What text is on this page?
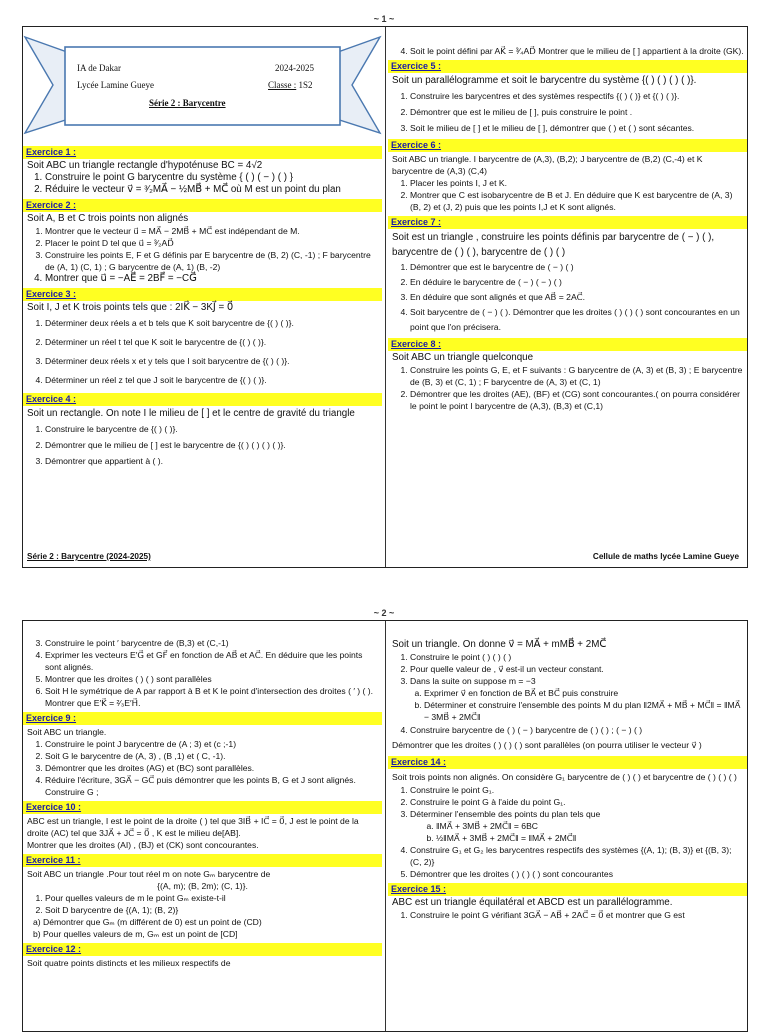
~ 1 ~
IA de Dakar
Lycée Lamine Gueye
2024-2025
Classe : 1S2
Série 2 : Barycentre
Exercice 1 :
Soit ABC un triangle rectangle d'hypoténuse BC = 4√2
1. Construire le point G barycentre du système { ( ) ( − ) ( ) }
2. Réduire le vecteur v⃗ = ³⁄₂MA⃗ − ½MB⃗ + MC⃗ où M est un point du plan
Exercice 2 :
Soit A, B et C trois points non alignés
1. Montrer que le vecteur u⃗ = MA⃗ − 2MB⃗ + MC⃗ est indépendant de M.
2. Placer le point D tel que u⃗ = ³⁄₂AD⃗
3. Construire les points E, F et G définis par E barycentre de (B, 2) (C, -1) ; F barycentre de (A, 1) (C, 1) ; G barycentre de (A, 1) (B, -2)
4. Montrer que u⃗ = −AE⃗ = 2BF⃗ = −CG⃗
Exercice 3 :
Soit I, J et K trois points tels que : 2IK⃗ − 3KJ⃗ = 0⃗
1. Déterminer deux réels a et b tels que K soit barycentre de {( ) ( )}.
2. Déterminer un réel t tel que K soit le barycentre de {( ) ( )}.
3. Déterminer deux réels x et y tels que I soit barycentre de {( ) ( )}.
4. Déterminer un réel z tel que J soit le barycentre de {( ) ( )}.
Exercice 4 :
Soit un rectangle. On note I le milieu de [ ] et le centre de gravité du triangle
1. Construire le barycentre de {( ) ( )}.
2. Démontrer que le milieu de [ ] est le barycentre de {( ) ( ) ( ) ( )}.
3. Démontrer que appartient à ( ).
Série 2 : Barycentre (2024-2025)
4. Soit le point défini par AK⃗ = ³⁄₄AD⃗ Montrer que le milieu de [ ] appartient à la droite (GK).
Exercice 5 :
Soit un parallélogramme et soit le barycentre du système {( ) ( ) ( ) ( )}.
1. Construire les barycentres et des systèmes respectifs {( ) ( )} et {( ) ( )}.
2. Démontrer que est le milieu de [ ], puis construire le point .
3. Soit le milieu de [ ] et le milieu de [ ], démontrer que ( ) et ( ) sont sécantes.
Exercice 6 :
Soit ABC un triangle. I barycentre de (A,3), (B,2); J barycentre de (B,2) (C,-4) et K barycentre de (A,3) (C,4)
1. Placer les points I, J et K.
2. Montrer que C est isobarycentre de B et J. En déduire que K est barycentre de (A, 3) (B, 2) et (J, 2) puis que les points I,J et K sont alignés.
Exercice 7 :
Soit est un triangle , construire les points définis par barycentre de ( − ) ( ), barycentre de ( ) ( ), barycentre de ( ) ( )
1. Démontrer que est le barycentre de ( − ) ( )
2. En déduire le barycentre de ( − ) ( − ) ( )
3. En déduire que sont alignés et que AB⃗ = 2AC⃗.
4. Soit barycentre de ( − ) ( ). Démontrer que les droites ( ) ( ) ( ) sont concourantes en un point que l'on précisera.
Exercice 8 :
Soit ABC un triangle quelconque
1. Construire les points G, E, et F suivants : G barycentre de (A, 3) et (B, 3) ; E barycentre de (B, 3) et (C, 1) ; F barycentre de (A, 3) et (C, 1)
2. Démontrer que les droites (AE), (BF) et (CG) sont concourantes.( on pourra considérer le point le point I barycentre de (A,3), (B,3) et (C,1)
Cellule de maths lycée Lamine Gueye
~ 2 ~
3. Construire le point ′ barycentre de (B,3) et (C,-1)
4. Exprimer les vecteurs E′G⃗ et GF⃗ en fonction de AB⃗ et AC⃗. En déduire que les points sont alignés.
5. Montrer que les droites ( ) ( ) sont parallèles
6. Soit H le symétrique de A par rapport à B et K le point d'intersection des droites ( ′ ) ( ). Montrer que E′K⃗ = ²⁄₃E′H⃗.
Exercice 9 :
Soit ABC un triangle.
1. Construire le point J barycentre de (A ; 3) et (c ;-1)
2. Soit G le barycentre de (A, 3) , (B ,1) et ( C, -1).
3. Démontrer que les droites (AG) et (BC) sont parallèles.
4. Réduire l'écriture, 3GA⃗ − GC⃗ puis démontrer que les points B, G et J sont alignés. Construire G ;
Exercice 10 :
ABC est un triangle, I est le point de la droite ( ) tel que 3IB⃗ + IC⃗ = 0⃗, J est le point de la droite (AC) tel que 3JA⃗ + JC⃗ = 0⃗ , K est le milieu de[AB].
Montrer que les droites (AI) , (BJ) et (CK) sont concourantes.
Exercice 11 :
Soit ABC un triangle .Pour tout réel m on note Gₘ barycentre de
{(A, m); (B, 2m); (C, 1)}.
1. Pour quelles valeurs de m le point Gₘ existe-t-il
2. Soit D barycentre de {(A, 1); (B, 2)}
a) Démontrer que Gₘ (m différent de 0) est un point de (CD)
b) Pour quelles valeurs de m, Gₘ est un point de [CD]
Exercice 12 :
Soit quatre points distincts et les milieux respectifs de
Soit un triangle. On donne v⃗ = MA⃗ + mMB⃗ + 2MC⃗
1. Construire le point ( ) ( ) ( )
2. Pour quelle valeur de , v⃗ est-il un vecteur constant.
3. Dans la suite on suppose m = −3
a. Exprimer v⃗ en fonction de BA⃗ et BC⃗ puis construire
b. Déterminer et construire l'ensemble des points M du plan ‖2MA⃗ + MB⃗ + MC⃗‖ = ‖MA⃗ − 3MB⃗ + 2MC⃗‖
4. Construire barycentre de ( ) ( − ) barycentre de ( ) ( ) ; ( − ) ( )
Démontrer que les droites ( ) ( ) ( ) sont parallèles (on pourra utiliser le vecteur v⃗ )
Exercice 14 :
Soit trois points non alignés. On considère G₁ barycentre de ( ) ( ) et barycentre de ( ) ( ) ( )
1. Construire le point G₁.
2. Construire le point G à l'aide du point G₁.
3. Déterminer l'ensemble des points du plan tels que
a. ‖MA⃗ + 3MB⃗ + 2MC⃗‖ = 6BC
b. ½‖MA⃗ + 3MB⃗ + 2MC⃗‖ = ‖MA⃗ + 2MC⃗‖
4. Construire G₁ et G₂ les barycentres respectifs des systèmes {(A, 1); (B, 3)} et {(B, 3); (C, 2)}
5. Démontrer que les droites ( ) ( ) ( ) sont concourantes
Exercice 15 :
ABC est un triangle équilatéral et ABCD est un parallélogramme.
1. Construire le point G vérifiant 3GA⃗ − AB⃗ + 2AC⃗ = 0⃗ et montrer que G est
